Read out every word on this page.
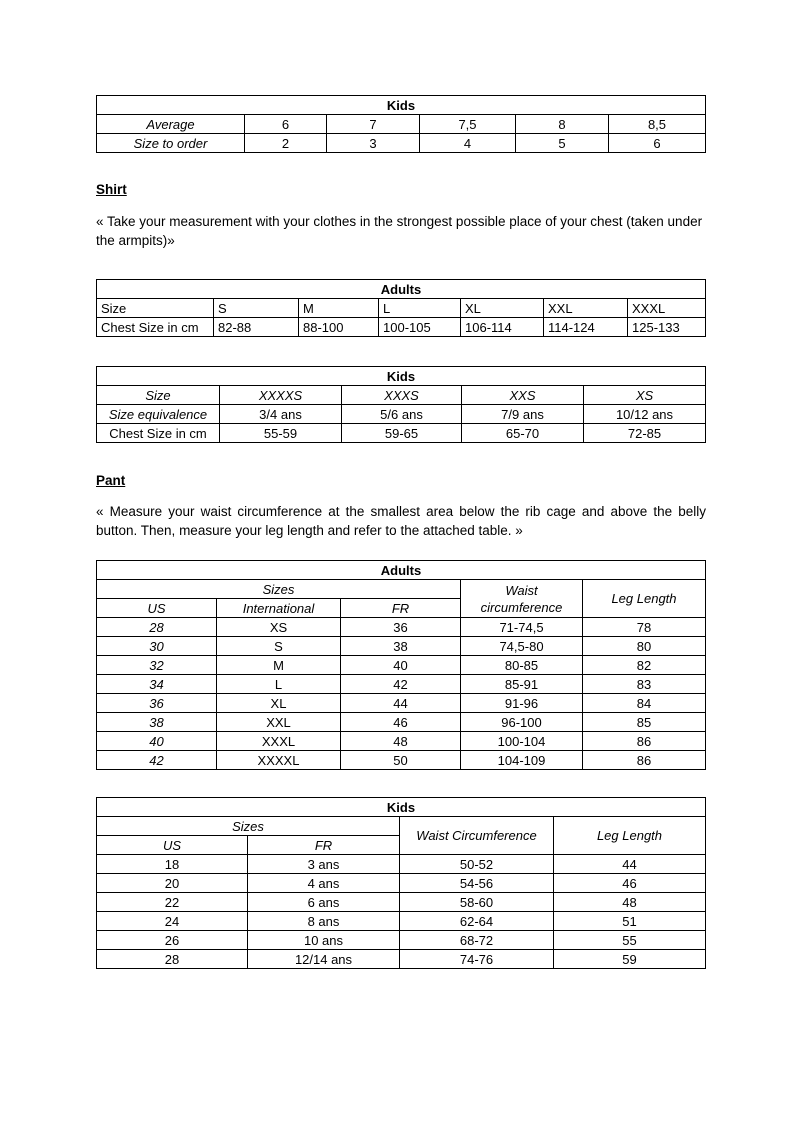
Kids					
Average	6	7	7,5	8	8,5
Size to order	2	3	4	5	6
Shirt
« Take your measurement with your clothes in the strongest possible place of your chest (taken under the armpits)»
Adults						
Size	S	M	L	XL	XXL	XXXL
Chest Size in cm	82-88	88-100	100-105	106-114	114-124	125-133
Kids				
Size	XXXXS	XXXS	XXS	XS
Size equivalence	3/4 ans	5/6 ans	7/9 ans	10/12 ans
Chest Size in cm	55-59	59-65	65-70	72-85
Pant
« Measure your waist circumference at the smallest area below the rib cage and above the belly button. Then, measure your leg length and refer to the attached table. »
Adults				
Sizes			Waist circumference	Leg Length
US	International	FR		
28	XS	36	71-74,5	78
30	S	38	74,5-80	80
32	M	40	80-85	82
34	L	42	85-91	83
36	XL	44	91-96	84
38	XXL	46	96-100	85
40	XXXL	48	100-104	86
42	XXXXL	50	104-109	86
Kids			
Sizes		Waist Circumference	Leg Length
US	FR		
18	3 ans	50-52	44
20	4 ans	54-56	46
22	6 ans	58-60	48
24	8 ans	62-64	51
26	10 ans	68-72	55
28	12/14 ans	74-76	59
